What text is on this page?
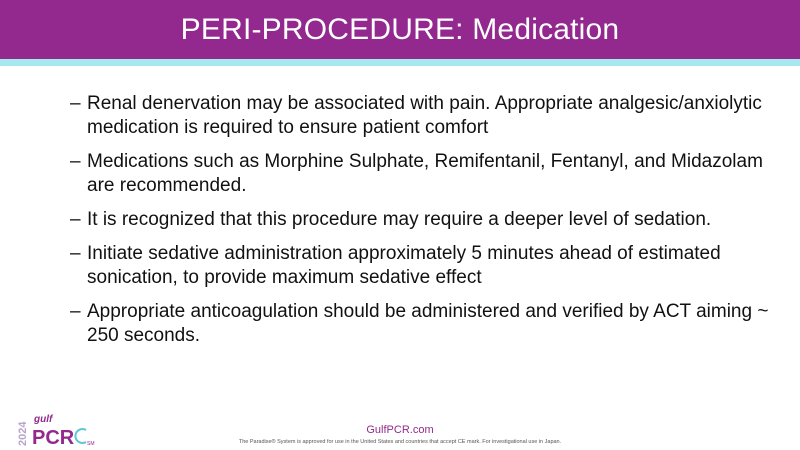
PERI-PROCEDURE: Medication
– Renal denervation may be associated with pain. Appropriate analgesic/anxiolytic medication is required to ensure patient comfort
– Medications such as Morphine Sulphate, Remifentanil, Fentanyl, and Midazolam are recommended.
– It is recognized that this procedure may require a deeper level of sedation.
– Initiate sedative administration approximately 5 minutes ahead of estimated sonication, to provide maximum sedative effect
– Appropriate anticoagulation should be administered and verified by ACT aiming ~ 250 seconds.
2024
gulf
PCR	SM
GulfPCR.com
The Paradise® System is approved for use in the United States and countries that accept CE mark. For investigational use in Japan.
